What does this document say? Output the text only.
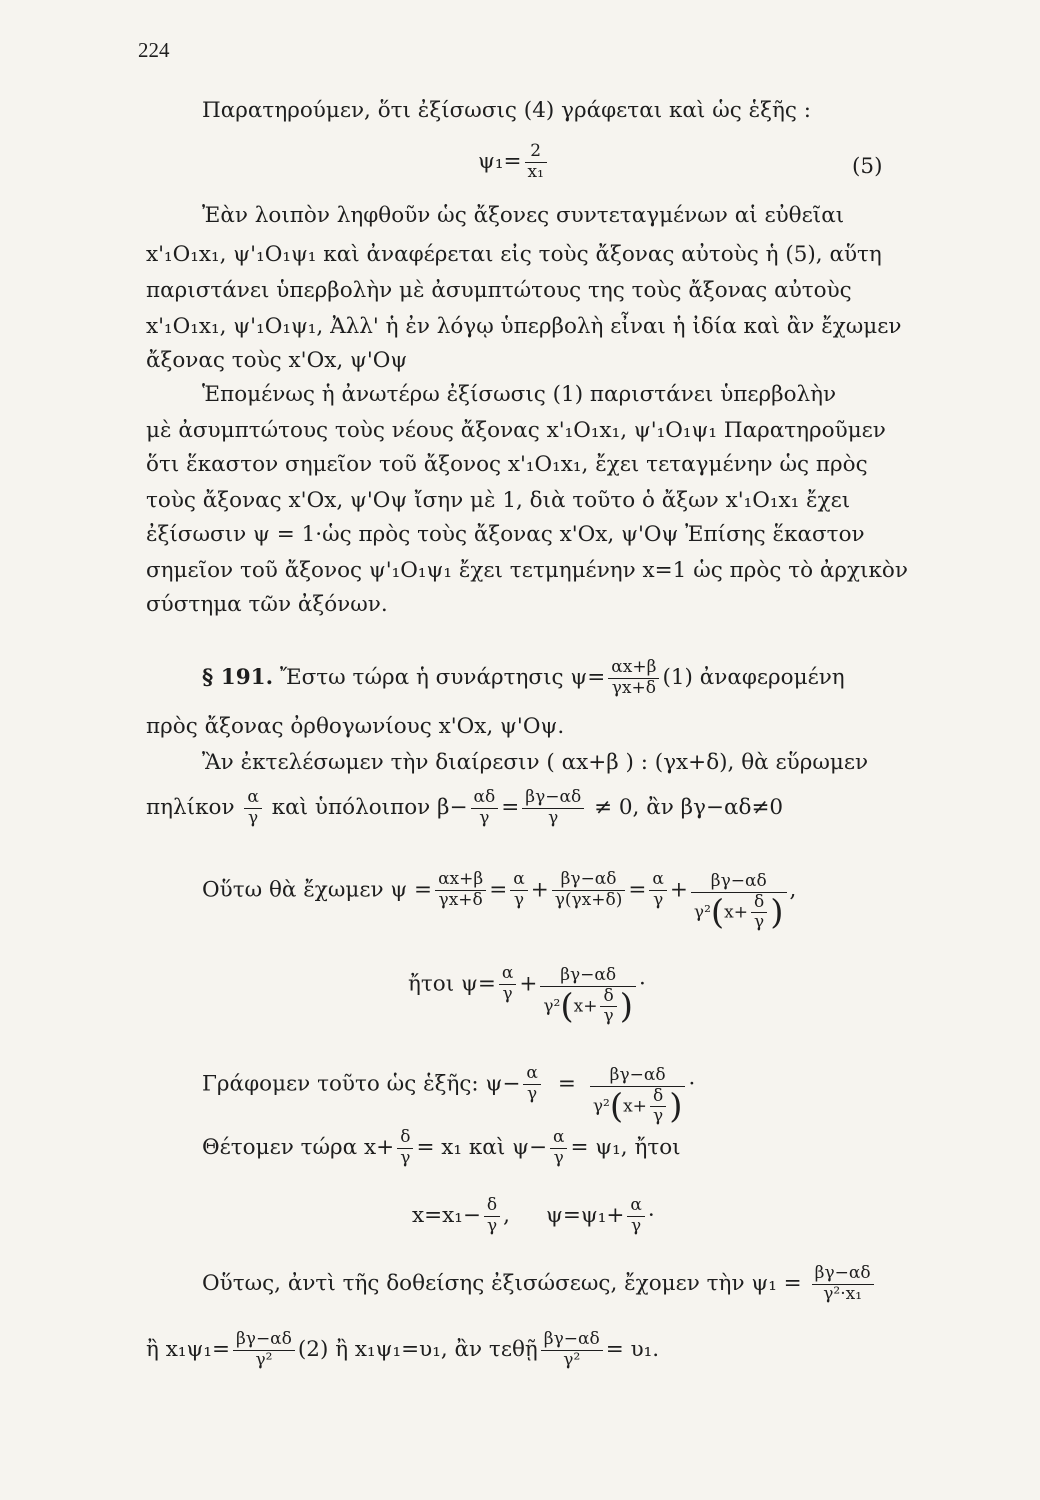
224
Παρατηρούμεν, ὅτι ἐξίσωσις (4) γράφεται καὶ ὡς ἑξῆς :
$\psi_1= \frac{2}{\text{x₁}}$	(5)
Ἐὰν λοιπὸν ληφθοῦν ὡς ἄξονες συντεταγμένων αἱ εὐθεῖαι
x'₁O₁x₁, ψ'₁O₁ψ₁ καὶ ἀναφέρεται εἰς τοὺς ἄξονας αὐτοὺς ἡ (5), αὕτη
παριστάνει ὑπερβολὴν μὲ ἀσυμπτώτους της τοὺς ἄξονας αὐτοὺς
x'₁O₁x₁, ψ'₁O₁ψ₁, Ἀλλ' ἡ ἐν λόγῳ ὑπερβολὴ εἶναι ἡ ἰδία καὶ ἂν ἔχωμεν
ἄξονας τοὺς x'Ox, ψ'Oψ
Ἑπομένως ἡ ἀνωτέρω ἐξίσωσις (1) παριστάνει ὑπερβολὴν
μὲ ἀσυμπτώτους τοὺς νέους ἄξονας x'₁O₁x₁, ψ'₁O₁ψ₁ Παρατηροῦμεν
ὅτι ἕκαστον σημεῖον τοῦ ἄξονος x'₁O₁x₁, ἔχει τεταγμένην ὡς πρὸς
τοὺς ἄξονας x'Ox, ψ'Oψ ἴσην μὲ 1, διὰ τοῦτο ὁ ἄξων x'₁O₁x₁ ἔχει
ἐξίσωσιν ψ = 1·ὡς πρὸς τοὺς ἄξονας x'Ox, ψ'Oψ Ἐπίσης ἕκαστον
σημεῖον τοῦ ἄξονος ψ'₁O₁ψ₁ ἔχει τετμημένην x=1 ὡς πρὸς τὸ ἀρχικὸν
σύστημα τῶν ἀξόνων.
§ 191. Ἔστω τώρα ἡ συνάρτησις $\psi= \frac{\alpha x+\beta}{\gamma x+\delta} (1)$ ἀναφερομένη
πρὸς ἄξονας ὀρθογωνίους x'Ox, ψ'Oψ.
Ἂν ἐκτελέσωμεν τὴν διαίρεσιν ( αx+β ) : (γx+δ), θὰ εὕρωμεν
πηλίκον $\frac{\alpha}{\gamma}$ καὶ ὑπόλοιπον $\beta- \frac{\alpha\delta}{\gamma} = \frac{\beta\gamma-\alpha\delta}{\gamma} \ne 0$, ἂν βγ−αδ≠0
Οὕτω θὰ ἔχωμεν $\psi = \frac{\alpha x+\beta}{\gamma x+\delta} = \frac{\alpha}{\gamma} + \frac{\beta\gamma-\alpha\delta}{\gamma(\gamma x+\delta)} = \frac{\alpha}{\gamma} + \frac{\beta\gamma-\alpha\delta}{\gamma^2(x+ \frac{\delta}{\gamma} )}$ ,
ἤτοι $\psi= \frac{\alpha}{\gamma} + \frac{\beta\gamma-\alpha\delta}{\gamma^2(x+ \frac{\delta}{\gamma} )}$ ·
Γράφομεν τοῦτο ὡς ἑξῆς: $\psi- \frac{\alpha}{\gamma} = \frac{\beta\gamma-\alpha\delta}{\gamma^2(x+ \frac{\delta}{\gamma} )}$ ·
Θέτομεν τώρα $x+ \frac{\delta}{\gamma} = x_1$ καὶ $\psi- \frac{\alpha}{\gamma} = \psi_1$, ἤτοι
$x=x_1- \frac{\delta}{\gamma}$ , $\psi=\psi_1+ \frac{\alpha}{\gamma}$ ·
Οὕτως, ἀντὶ τῆς δοθείσης ἐξισώσεως, ἔχομεν τὴν $\psi_1 = \frac{\beta\gamma-\alpha\delta}{\text{γ²·x₁}}$
ἢ $x_1\psi_1= \frac{\beta\gamma-\alpha\delta}{\text{γ²}} (2)$ ἢ x₁ψ₁=υ₁, ἂν τεθῇ $\frac{\beta\gamma-\alpha\delta}{\text{γ²}} = \upsilon_1$.
